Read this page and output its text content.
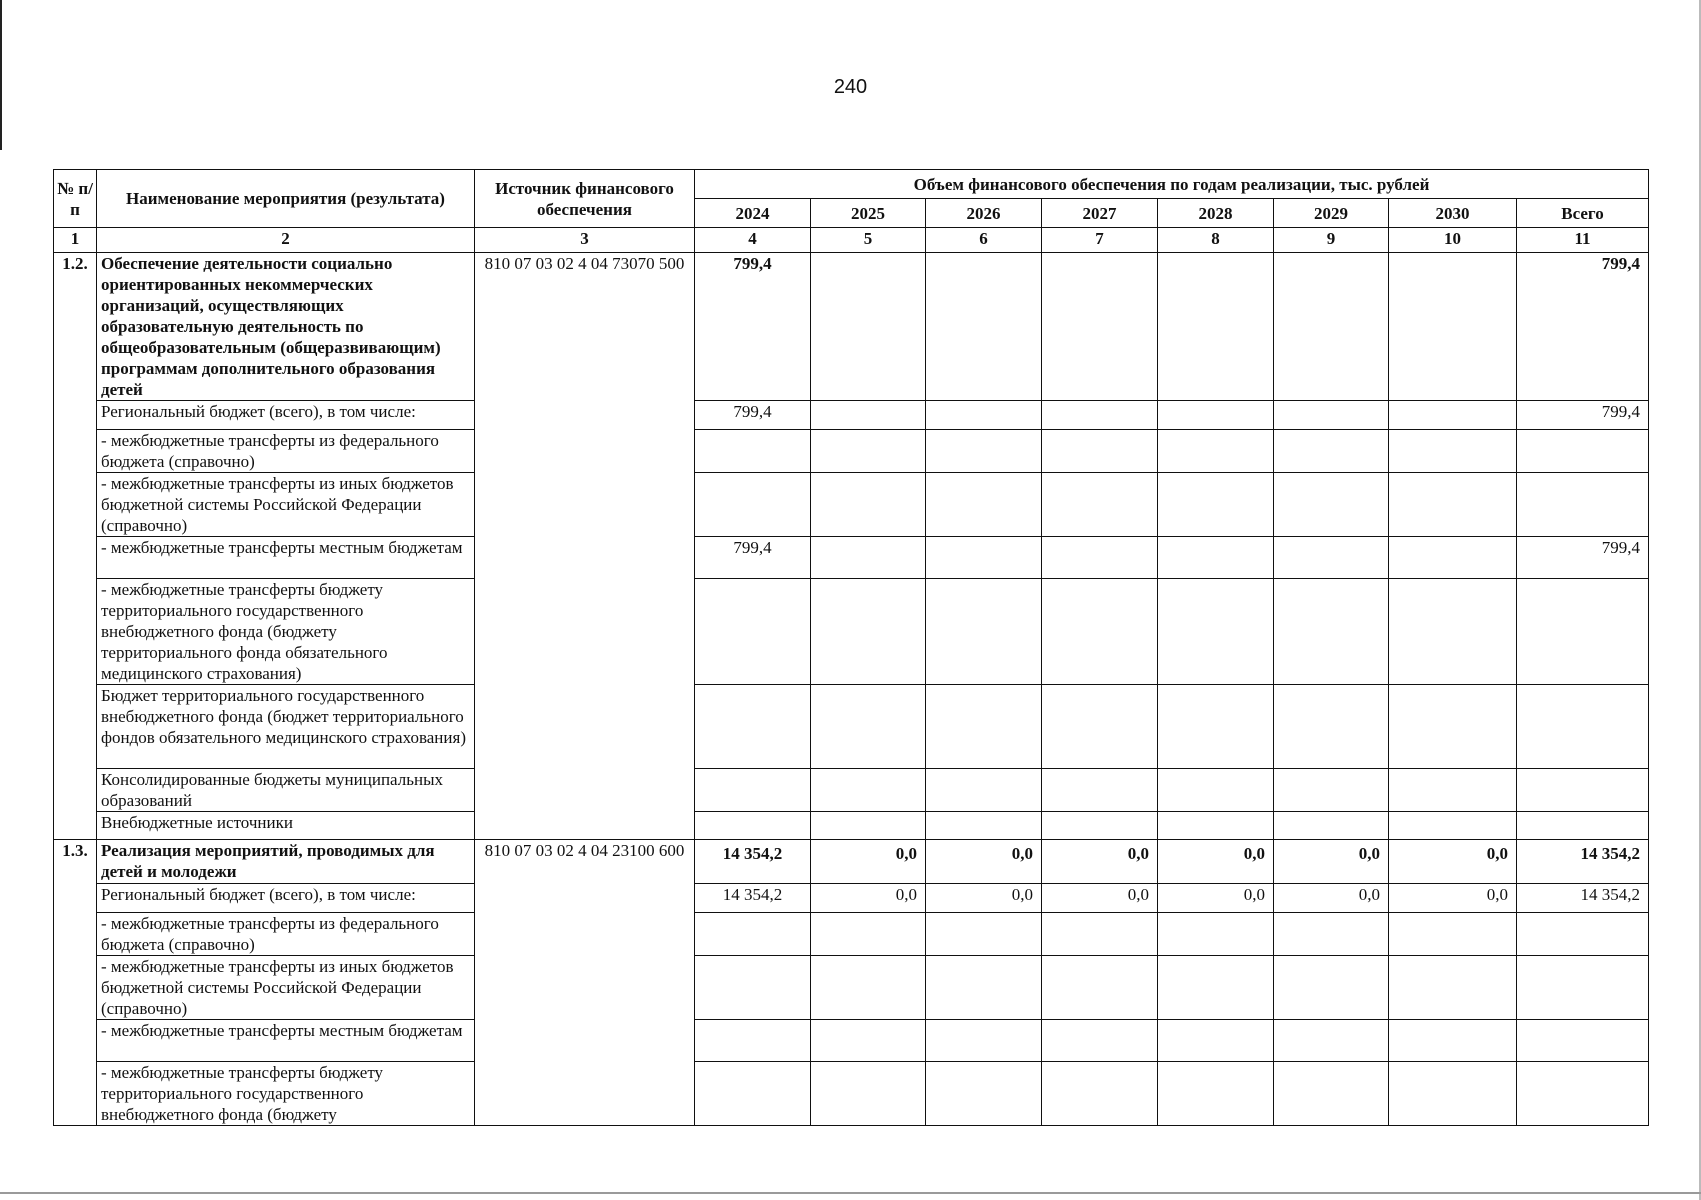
240
№ п/п	Наименование мероприятия (результата)	Источник финансового обеспечения	Объем финансового обеспечения по годам реализации, тыс. рублей							
			2024	2025	2026	2027	2028	2029	2030	Всего
1	2	3	4	5	6	7	8	9	10	11
1.2.	Обеспечение деятельности социально ориентированных некоммерческих организаций, осуществляющих образовательную деятельность по общеобразовательным (общеразвивающим) программам дополнительного образования детей	810 07 03 02 4 04 73070 500	799,4							799,4
	Региональный бюджет (всего), в том числе:		799,4							799,4
	- межбюджетные трансферты из федерального бюджета (справочно)									
	- межбюджетные трансферты из иных бюджетов бюджетной системы Российской Федерации (справочно)									
	- межбюджетные трансферты местным бюджетам		799,4							799,4
	- межбюджетные трансферты бюджету территориального государственного внебюджетного фонда (бюджету территориального фонда обязательного медицинского страхования)									
	Бюджет территориального государственного внебюджетного фонда (бюджет территориального фондов обязательного медицинского страхования)									
	Консолидированные бюджеты муниципальных образований									
	Внебюджетные источники									
1.3.	Реализация мероприятий, проводимых для детей и молодежи	810 07 03 02 4 04 23100 600	14 354,2	0,0	0,0	0,0	0,0	0,0	0,0	14 354,2
	Региональный бюджет (всего), в том числе:		14 354,2	0,0	0,0	0,0	0,0	0,0	0,0	14 354,2
	- межбюджетные трансферты из федерального бюджета (справочно)									
	- межбюджетные трансферты из иных бюджетов бюджетной системы Российской Федерации (справочно)									
	- межбюджетные трансферты местным бюджетам									
	- межбюджетные трансферты бюджету территориального государственного внебюджетного фонда (бюджету									
